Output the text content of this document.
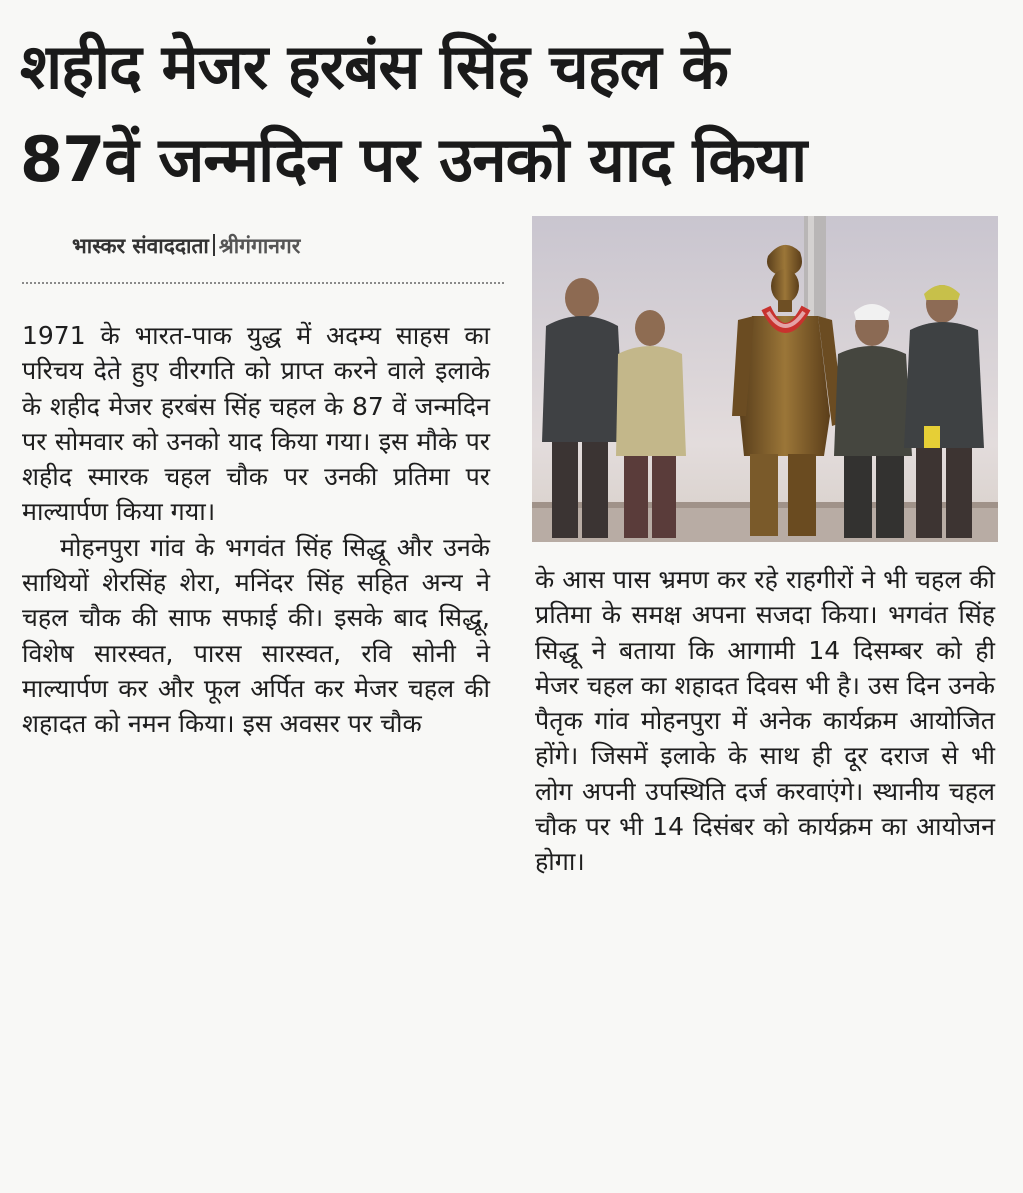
शहीद मेजर हरबंस सिंह चहल के
87वें जन्मदिन पर उनको याद किया
भास्कर संवाददाता श्रीगंगानगर

1971 के भारत-पाक युद्ध में अदम्य साहस का परिचय देते हुए वीरगति को प्राप्त करने वाले इलाके के शहीद मेजर हरबंस सिंह चहल के 87 वें जन्मदिन पर सोमवार को उनको याद किया गया। इस मौके पर शहीद स्मारक चहल चौक पर उनकी प्रतिमा पर माल्यार्पण किया गया।

मोहनपुरा गांव के भगवंत सिंह सिद्धू और उनके साथियों शेरसिंह शेरा, मनिंदर सिंह सहित अन्य ने चहल चौक की साफ सफाई की। इसके बाद सिद्धू, विशेष सारस्वत, पारस सारस्वत, रवि सोनी ने माल्यार्पण कर और फूल अर्पित कर मेजर चहल की शहादत को नमन किया। इस अवसर पर चौक

के आस पास भ्रमण कर रहे राहगीरों ने भी चहल की प्रतिमा के समक्ष अपना सजदा किया। भगवंत सिंह सिद्धू ने बताया कि आगामी 14 दिसम्बर को ही मेजर चहल का शहादत दिवस भी है। उस दिन उनके पैतृक गांव मोहनपुरा में अनेक कार्यक्रम आयोजित होंगे। जिसमें इलाके के साथ ही दूर दराज से भी लोग अपनी उपस्थिति दर्ज करवाएंगे। स्थानीय चहल चौक पर भी 14 दिसंबर को कार्यक्रम का आयोजन होगा।
